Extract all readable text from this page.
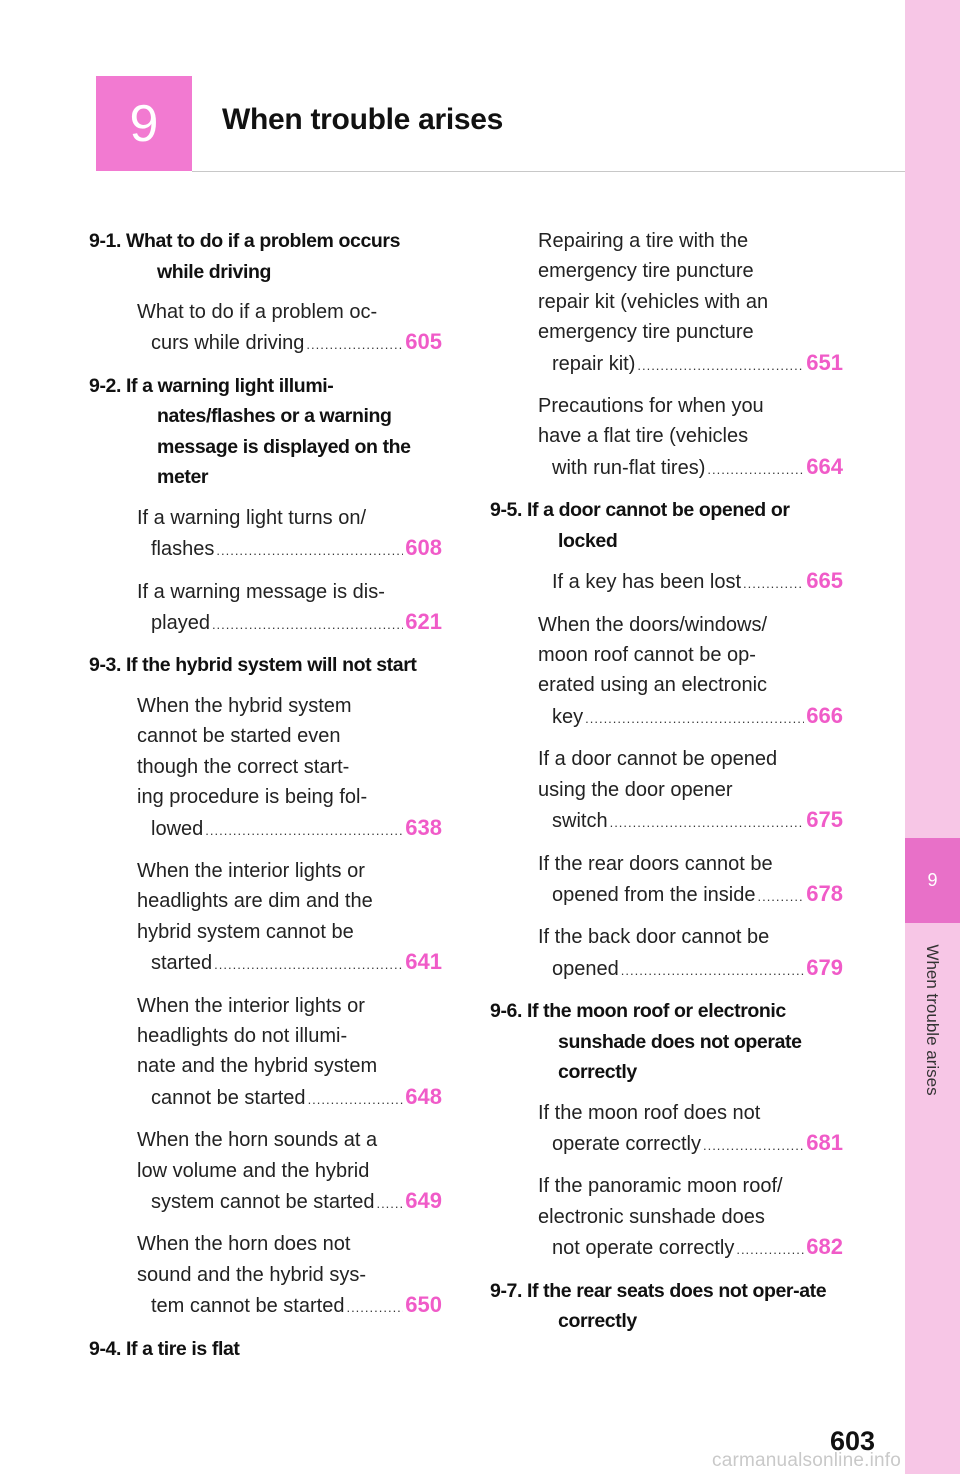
9
When trouble arises
9 When trouble arises
9-1. What to do if a problem occurs while driving
What to do if a problem oc-
curs while driving .....	605
9-2. If a warning light illumi-nates/flashes or a warning message is displayed on the meter
If a warning light turns on/
flashes .....	608
If a warning message is dis-
played .....	621
9-3. If the hybrid system will not start
When the hybrid system
cannot be started even
though the correct start-
ing procedure is being fol-
lowed .....	638
When the interior lights or
headlights are dim and the
hybrid system cannot be
started .....	641
When the interior lights or
headlights do not illumi-
nate and the hybrid system
cannot be started .....	648
When the horn sounds at a
low volume and the hybrid
system cannot be started ..... 649
When the horn does not
sound and the hybrid sys-
tem cannot be started .....	650
9-4. If a tire is flat
Repairing a tire with the
emergency tire puncture
repair kit (vehicles with an
emergency tire puncture
repair kit) .....	651
Precautions for when you
have a flat tire (vehicles
with run-flat tires) .....	664
9-5. If a door cannot be opened or locked
If a key has been lost .....	665
When the doors/windows/
moon roof cannot be op-
erated using an electronic
key .....	666
If a door cannot be opened
using the door opener
switch .....	675
If the rear doors cannot be
opened from the inside ..... 678
If the back door cannot be
opened .....	679
9-6. If the moon roof or electronic sunshade does not operate correctly
If the moon roof does not
operate correctly .....	681
If the panoramic moon roof/
electronic sunshade does
not operate correctly .....	682
9-7. If the rear seats does not oper-ate correctly
603
carmanualsonline.info
